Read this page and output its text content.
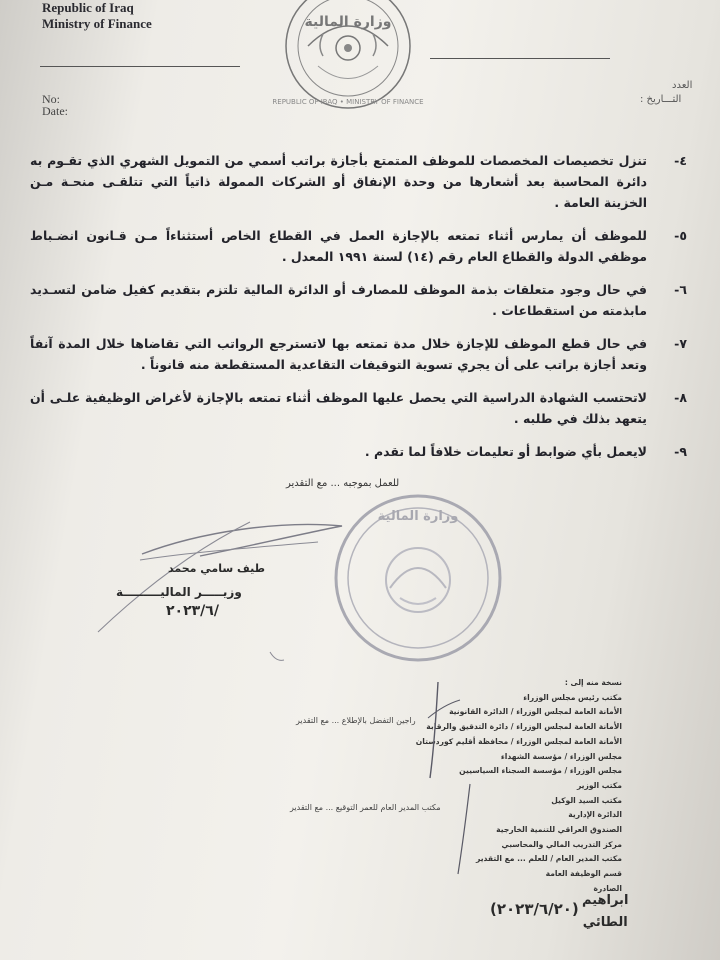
Republic of Iraq
Ministry of Finance
No:
Date:
العدد
التـــاريخ :
وزارة المالية
REPUBLIC OF IRAQ • MINISTRY OF FINANCE
-٤
تنزل تخصيصات المخصصات للموظف المتمتع بأجازة براتب أسمي من التمويل الشهري الذي تقـوم به دائرة المحاسبة بعد أشعارها من وحدة الإنفاق أو الشركات الممولة ذاتياً التي تتلقـى منحـة مـن الخزينة العامة .
-٥
للموظف أن يمارس أثناء تمتعه بالإجازة العمل في القطاع الخاص أستثناءاً مـن قـانون انضـباط موظفي الدولة والقطاع العام رقم (١٤) لسنة ١٩٩١ المعدل .
-٦
في حال وجود متعلقات بذمة الموظف للمصارف أو الدائرة المالية تلتزم بتقديم كفيل ضامن لتسـديد مابذمته من استقطاعات .
-٧
في حال قطع الموظف للإجازة خلال مدة تمتعه بها لاتسترجع الرواتب التي تقاضاها خلال المدة آنفاً وتعد أجازة براتب على أن يجري تسوية التوقيفات التقاعدية المستقطعة منه قانوناً .
-٨
لاتحتسب الشهادة الدراسية التي يحصل عليها الموظف أثناء تمتعه بالإجازة لأغراض الوظيفية علـى أن يتعهد بذلك في طلبه .
-٩
لايعمل بأي ضوابط أو تعليمات خلافاً لما تقدم .
للعمل بموجبه ... مع التقدير
وزارة المالية
طيف سامي محمد
وزيـــــر الماليـــــــــة
٢٠٢٣/٦/
نسخة منه إلى :
مكتب رئيس مجلس الوزراء
الأمانة العامة لمجلس الوزراء / الدائرة القانونية
الأمانة العامة لمجلس الوزراء / دائرة التدقيق والرقابة
الأمانة العامة لمجلس الوزراء / محافظة أقليم كوردستان
مجلس الوزراء / مؤسسة الشهداء
مجلس الوزراء / مؤسسة السجناء السياسيين
مكتب الوزير
مكتب السيد الوكيل
الدائرة الإدارية
الصندوق العراقي للتنمية الخارجية
مركز التدريب المالي والمحاسبي
مكتب المدير العام / للعلم ... مع التقدير
قسم الوظيفة العامة
الصادرة
راجين التفضل بالإطلاع ... مع التقدير
مكتب المدير العام للعمر التوقيع ... مع التقدير
(٢٠٢٣/٦/٢٠) ابراهيم
الطائي
